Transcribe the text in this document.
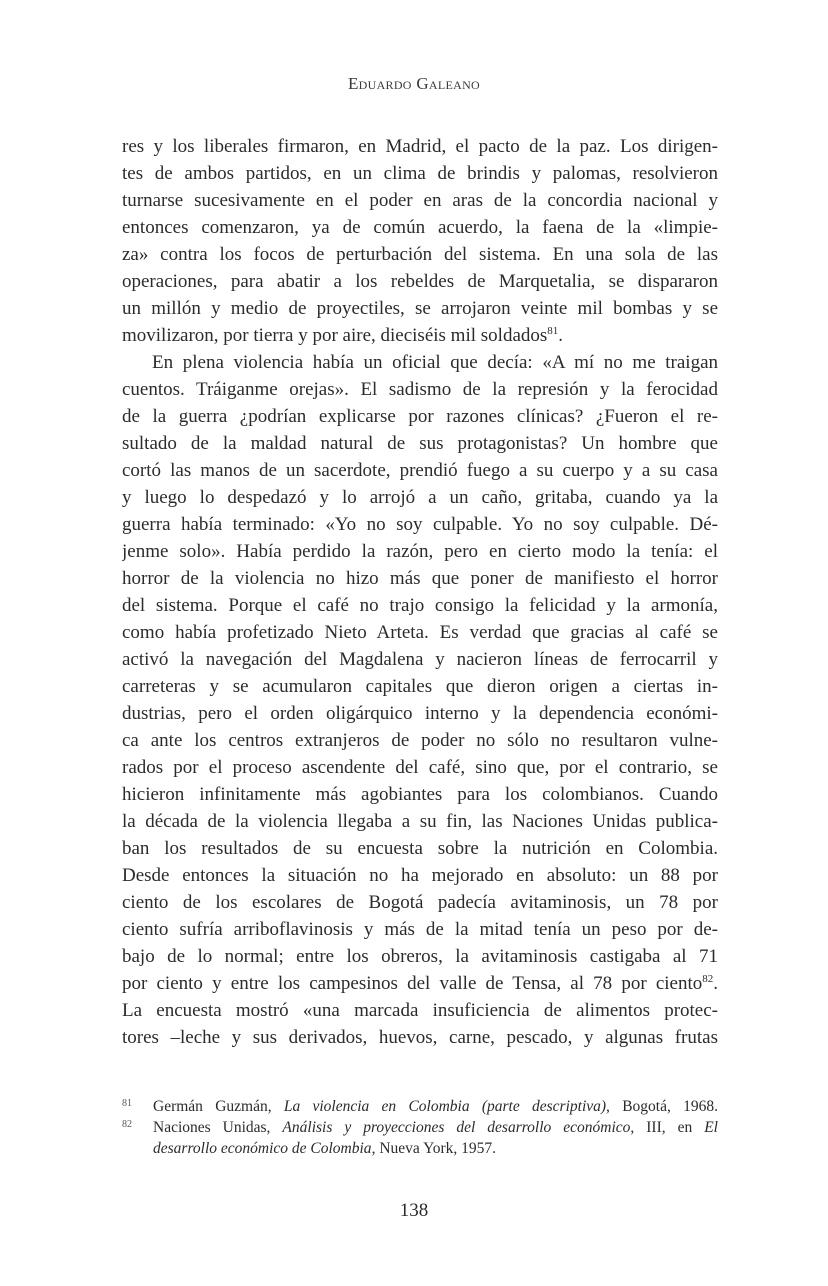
Eduardo Galeano
res y los liberales firmaron, en Madrid, el pacto de la paz. Los dirigen-
tes de ambos partidos, en un clima de brindis y palomas, resolvieron
turnarse sucesivamente en el poder en aras de la concordia nacional y
entonces comenzaron, ya de común acuerdo, la faena de la «limpie-
za» contra los focos de perturbación del sistema. En una sola de las
operaciones, para abatir a los rebeldes de Marquetalia, se dispararon
un millón y medio de proyectiles, se arrojaron veinte mil bombas y se
movilizaron, por tierra y por aire, dieciséis mil soldados$^{81}$.
En plena violencia había un oficial que decía: «A mí no me traigan
cuentos. Tráiganme orejas». El sadismo de la represión y la ferocidad
de la guerra ¿podrían explicarse por razones clínicas? ¿Fueron el re-
sultado de la maldad natural de sus protagonistas? Un hombre que
cortó las manos de un sacerdote, prendió fuego a su cuerpo y a su casa
y luego lo despedazó y lo arrojó a un caño, gritaba, cuando ya la
guerra había terminado: «Yo no soy culpable. Yo no soy culpable. Dé-
jenme solo». Había perdido la razón, pero en cierto modo la tenía: el
horror de la violencia no hizo más que poner de manifiesto el horror
del sistema. Porque el café no trajo consigo la felicidad y la armonía,
como había profetizado Nieto Arteta. Es verdad que gracias al café se
activó la navegación del Magdalena y nacieron líneas de ferrocarril y
carreteras y se acumularon capitales que dieron origen a ciertas in-
dustrias, pero el orden oligárquico interno y la dependencia económi-
ca ante los centros extranjeros de poder no sólo no resultaron vulne-
rados por el proceso ascendente del café, sino que, por el contrario, se
hicieron infinitamente más agobiantes para los colombianos. Cuando
la década de la violencia llegaba a su fin, las Naciones Unidas publica-
ban los resultados de su encuesta sobre la nutrición en Colombia.
Desde entonces la situación no ha mejorado en absoluto: un 88 por
ciento de los escolares de Bogotá padecía avitaminosis, un 78 por
ciento sufría arriboflavinosis y más de la mitad tenía un peso por de-
bajo de lo normal; entre los obreros, la avitaminosis castigaba al 71
por ciento y entre los campesinos del valle de Tensa, al 78 por ciento$^{82}$.
La encuesta mostró «una marcada insuficiencia de alimentos protec-
tores –leche y sus derivados, huevos, carne, pescado, y algunas frutas
81 Germán Guzmán, La violencia en Colombia (parte descriptiva), Bogotá, 1968.
82 Naciones Unidas, Análisis y proyecciones del desarrollo económico, III, en El
desarrollo económico de Colombia, Nueva York, 1957.
138
